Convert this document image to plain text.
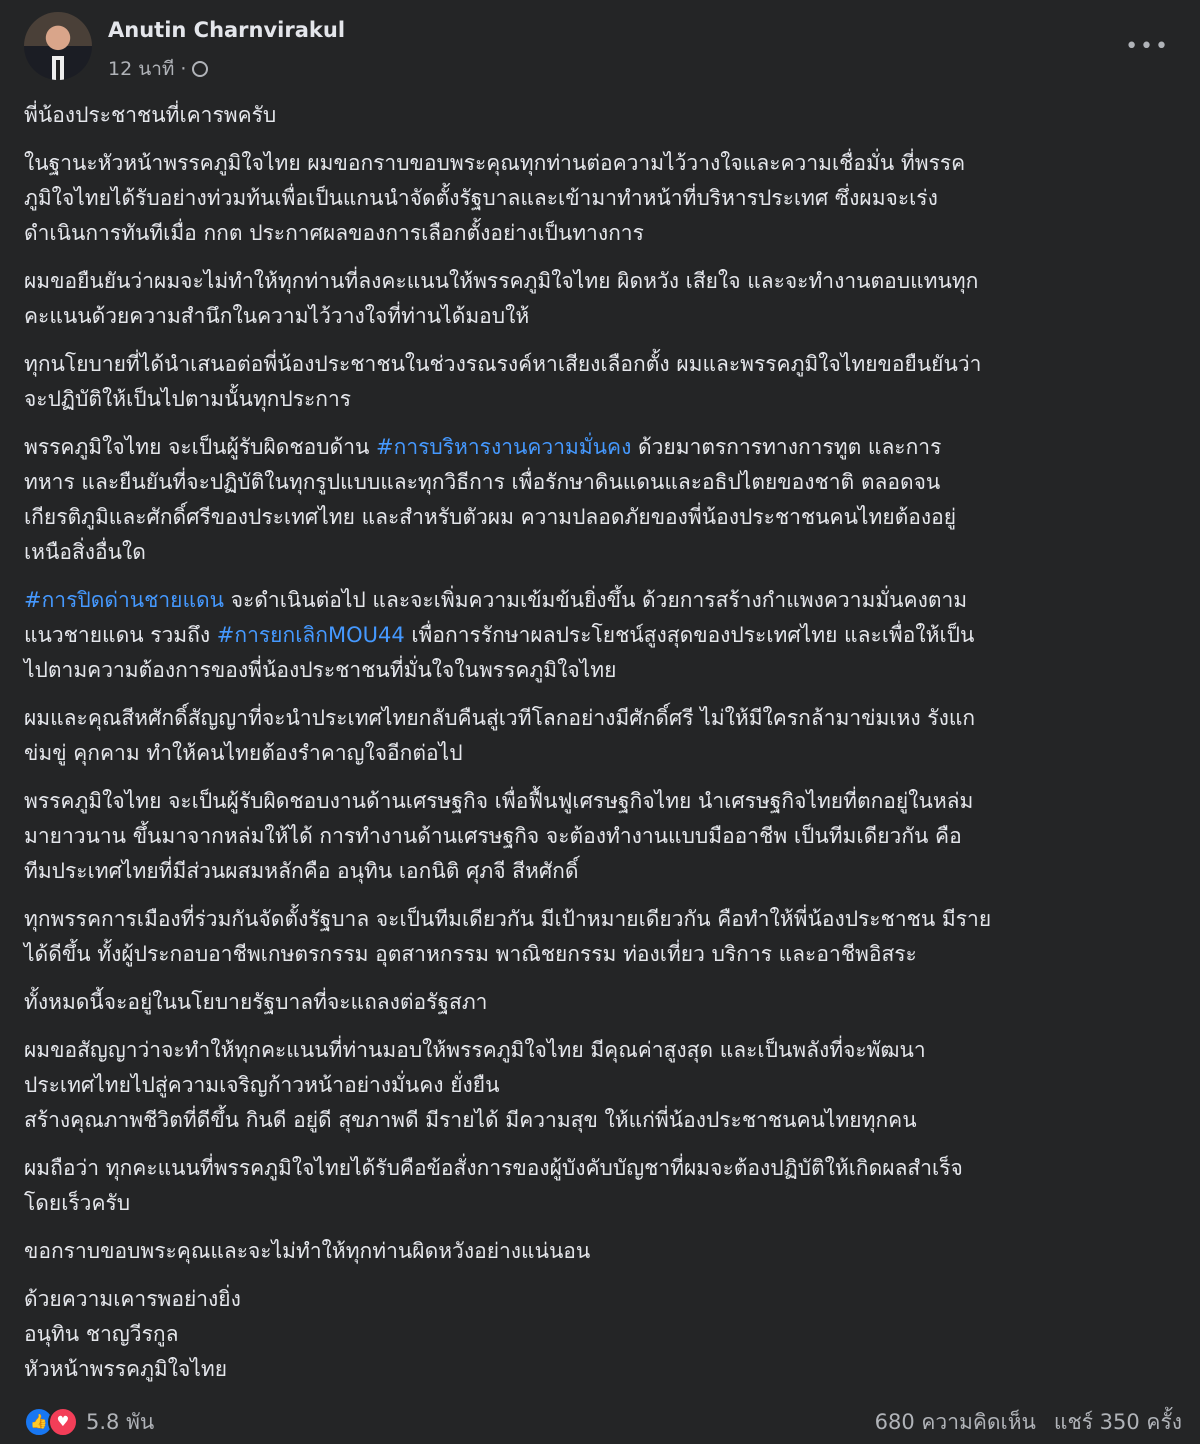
Anutin Charnvirakul
12 นาที ·
•••
พี่น้องประชาชนที่เคารพครับ
ในฐานะหัวหน้าพรรคภูมิใจไทย ผมขอกราบขอบพระคุณทุกท่านต่อความไว้วางใจและความเชื่อมั่น ที่พรรค
ภูมิใจไทยได้รับอย่างท่วมท้นเพื่อเป็นแกนนำจัดตั้งรัฐบาลและเข้ามาทำหน้าที่บริหารประเทศ ซึ่งผมจะเร่ง
ดำเนินการทันทีเมื่อ กกต ประกาศผลของการเลือกตั้งอย่างเป็นทางการ
ผมขอยืนยันว่าผมจะไม่ทำให้ทุกท่านที่ลงคะแนนให้พรรคภูมิใจไทย ผิดหวัง เสียใจ และจะทำงานตอบแทนทุก
คะแนนด้วยความสำนึกในความไว้วางใจที่ท่านได้มอบให้
ทุกนโยบายที่ได้นำเสนอต่อพี่น้องประชาชนในช่วงรณรงค์หาเสียงเลือกตั้ง ผมและพรรคภูมิใจไทยขอยืนยันว่า
จะปฏิบัติให้เป็นไปตามนั้นทุกประการ
พรรคภูมิใจไทย จะเป็นผู้รับผิดชอบด้าน #การบริหารงานความมั่นคง ด้วยมาตรการทางการทูต และการ
ทหาร และยืนยันที่จะปฏิบัติในทุกรูปแบบและทุกวิธีการ เพื่อรักษาดินแดนและอธิปไตยของชาติ ตลอดจน
เกียรติภูมิและศักดิ์ศรีของประเทศไทย และสำหรับตัวผม ความปลอดภัยของพี่น้องประชาชนคนไทยต้องอยู่
เหนือสิ่งอื่นใด
#การปิดด่านชายแดน จะดำเนินต่อไป และจะเพิ่มความเข้มข้นยิ่งขึ้น ด้วยการสร้างกำแพงความมั่นคงตาม
แนวชายแดน รวมถึง #การยกเลิกMOU44 เพื่อการรักษาผลประโยชน์สูงสุดของประเทศไทย และเพื่อให้เป็น
ไปตามความต้องการของพี่น้องประชาชนที่มั่นใจในพรรคภูมิใจไทย
ผมและคุณสีหศักดิ์สัญญาที่จะนำประเทศไทยกลับคืนสู่เวทีโลกอย่างมีศักดิ์ศรี ไม่ให้มีใครกล้ามาข่มเหง รังแก
ข่มขู่ คุกคาม ทำให้คนไทยต้องรำคาญใจอีกต่อไป
พรรคภูมิใจไทย จะเป็นผู้รับผิดชอบงานด้านเศรษฐกิจ เพื่อฟื้นฟูเศรษฐกิจไทย นำเศรษฐกิจไทยที่ตกอยู่ในหล่ม
มายาวนาน ขึ้นมาจากหล่มให้ได้ การทำงานด้านเศรษฐกิจ จะต้องทำงานแบบมืออาชีพ เป็นทีมเดียวกัน คือ
ทีมประเทศไทยที่มีส่วนผสมหลักคือ อนุทิน เอกนิติ ศุภจี สีหศักดิ์
ทุกพรรคการเมืองที่ร่วมกันจัดตั้งรัฐบาล จะเป็นทีมเดียวกัน มีเป้าหมายเดียวกัน คือทำให้พี่น้องประชาชน มีราย
ได้ดีขึ้น ทั้งผู้ประกอบอาชีพเกษตรกรรม อุตสาหกรรม พาณิชยกรรม ท่องเที่ยว บริการ และอาชีพอิสระ
ทั้งหมดนี้จะอยู่ในนโยบายรัฐบาลที่จะแถลงต่อรัฐสภา
ผมขอสัญญาว่าจะทำให้ทุกคะแนนที่ท่านมอบให้พรรคภูมิใจไทย มีคุณค่าสูงสุด และเป็นพลังที่จะพัฒนา
ประเทศไทยไปสู่ความเจริญก้าวหน้าอย่างมั่นคง ยั่งยืน
สร้างคุณภาพชีวิตที่ดีขึ้น กินดี อยู่ดี สุขภาพดี มีรายได้ มีความสุข ให้แก่พี่น้องประชาชนคนไทยทุกคน
ผมถือว่า ทุกคะแนนที่พรรคภูมิใจไทยได้รับคือข้อสั่งการของผู้บังคับบัญชาที่ผมจะต้องปฏิบัติให้เกิดผลสำเร็จ
โดยเร็วครับ
ขอกราบขอบพระคุณและจะไม่ทำให้ทุกท่านผิดหวังอย่างแน่นอน
ด้วยความเคารพอย่างยิ่ง
อนุทิน ชาญวีรกูล
หัวหน้าพรรคภูมิใจไทย
👍 ♥ 5.8 พัน	680 ความคิดเห็น แชร์ 350 ครั้ง
